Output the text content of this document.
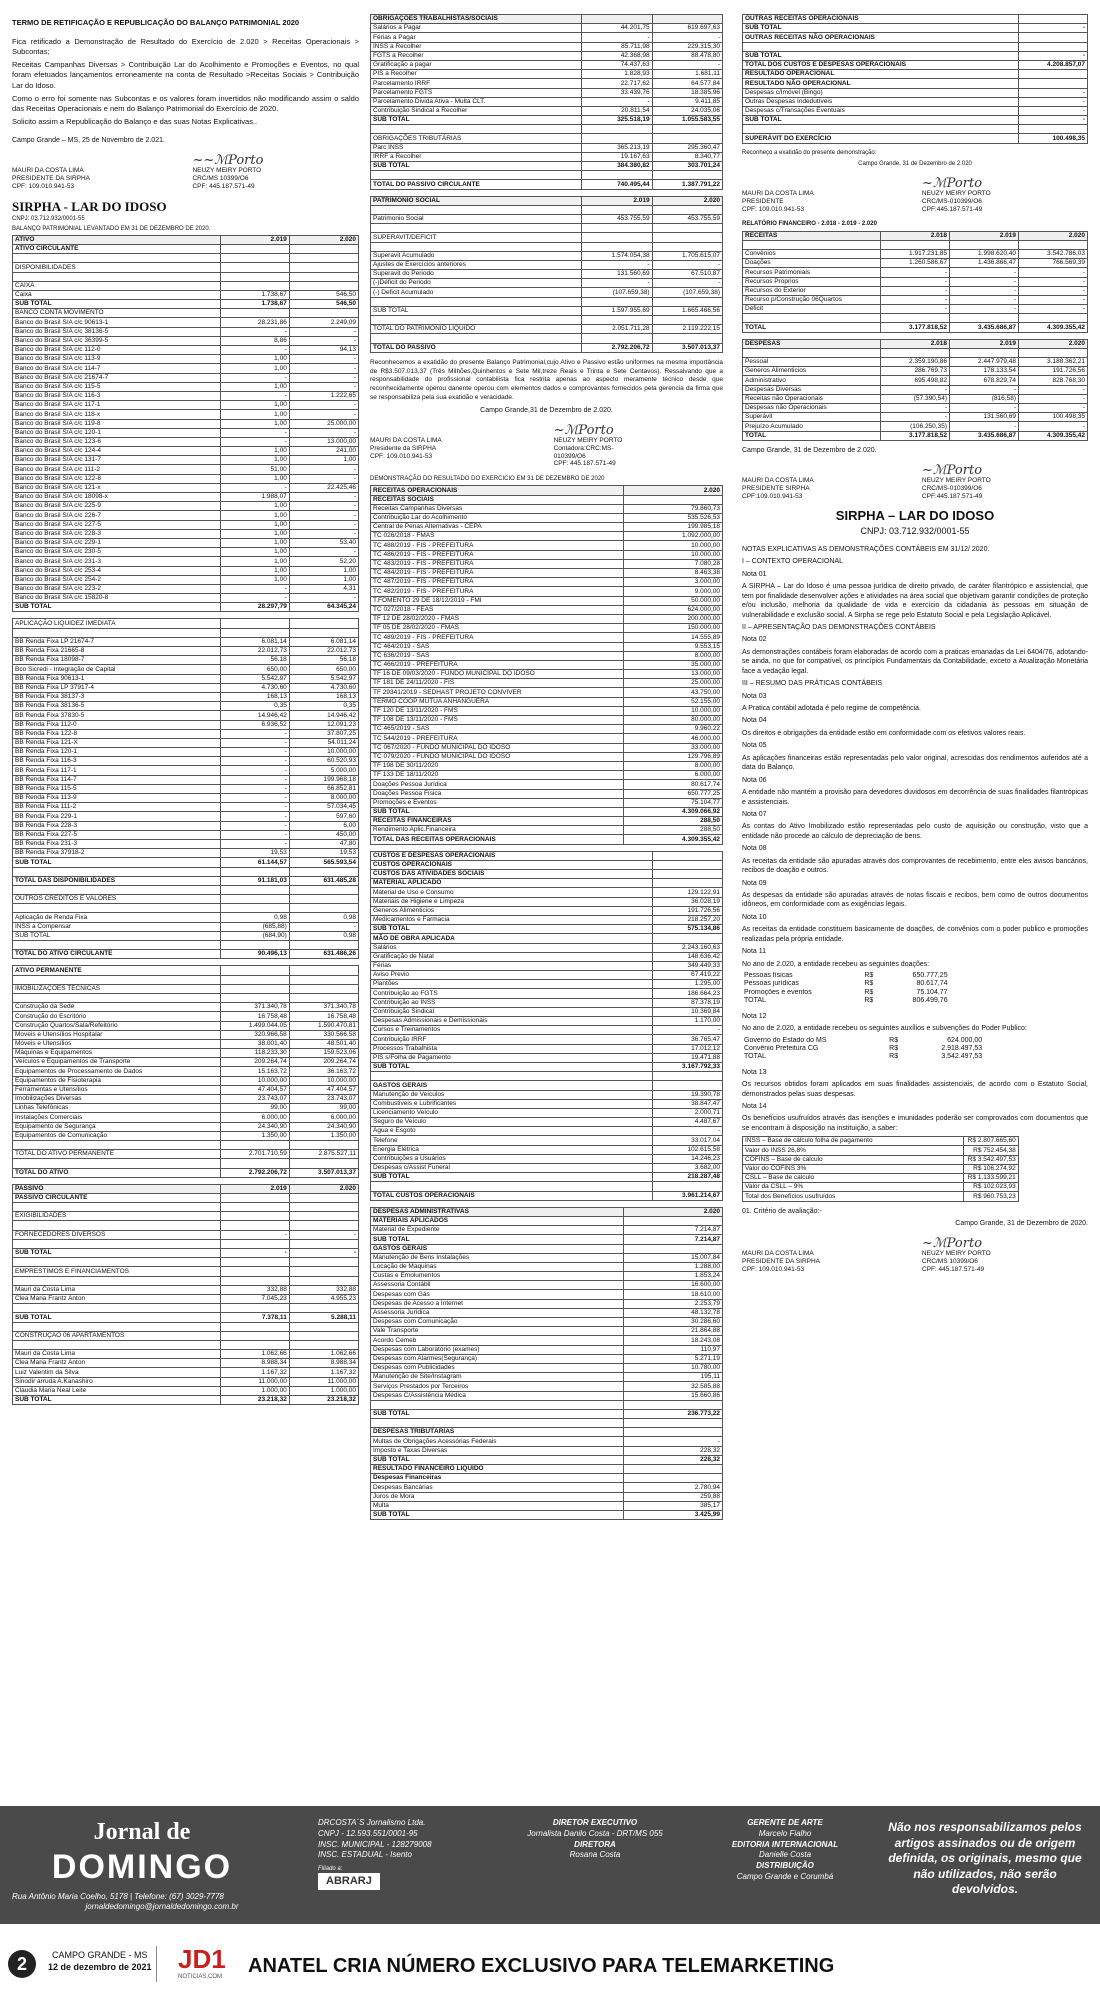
TERMO DE RETIFICAÇÃO E REPUBLICAÇÃO DO BALANÇO PATRIMONIAL 2020

Fica retificado a Demonstração de Resultado do Exercício de 2.020 > Receitas Operacionais > Subcontas;

Receitas Campanhas Diversas > Contribuição Lar do Acolhimento e Promoções e Eventos, no qual foram efetuados lançamentos erroneamente na conta de Resultado >Receitas Sociais > Contribuição Lar do Idoso.

Como o erro foi somente nas Subcontas e os valores foram invertidos não modificando assim o saldo das Receitas Operacionais e nem do Balanço Patrimonial do Exercício de 2020.

Solicito assim a Republicação do Balanço e das suas Notas Explicativas..

Campo Grande – MS, 25 de Novembro de 2.021.
MAURI DA COSTA LIMA
PRESIDENTE DA SIRPHA
CPF: 109.010.941-53
~~ℳPorto
NEUZY MEIRY PORTO
CRC/MS 10399/O6
CPF: 445.187.571-49
SIRPHA - LAR DO IDOSO
CNPJ: 03.712.932/0001-55
BALANÇO PATRIMONIAL LEVANTADO EM 31 DE DEZEMBRO DE 2020.
ATIVO	2.019	2.020
ATIVO CIRCULANTE		

DISPONIBILIDADES		

CAIXA		
Caixa	1.738,67	546,50
SUB TOTAL	1.738,67	546,50
BANCO CONTA MOVIMENTO		
Banco do Brasil S/A c/c 90613-1	28.231,86	2.249,09
Banco do Brasil S/A c/c 38136-5	-	-
Banco do Brasil S/A c/c 36399-5	8,86	-
Banco do Brasil S/A c/c 112-0	-	94,13
Banco do Brasil S/A c/c 113-9	1,00	-
Banco do Brasil S/A c/c 114-7	1,00	-
Banco do Brasil S/A c/c 21674-7	-	-
Banco do Brasil S/A c/c 115-5	1,00	-
Banco do Brasil S/A c/c 116-3	-	1.222,65
Banco do Brasil S/A c/c 117-1	1,00	-
Banco do Brasil S/A c/c 118-x	1,00	-
Banco do Brasil S/A c/c 119-8	1,00	25.000,00
Banco do Brasil S/A c/c 120-1	-	-
Banco do Brasil S/A c/c 123-6	-	13.000,00
Banco do Brasil S/A c/c 124-4	1,00	241,00
Banco do Brasil S/A c/c 131-7	1,00	1,00
Banco do Brasil S/A c/c 111-2	51,00	-
Banco do Brasil S/A c/c 122-8	1,00	-
Banco do Brasil S/A c/c 121-x	-	22.425,46
Banco do Brasil S/A c/c 18098-x	1.988,07	-
Banco do Brasil S/A c/c 225-9	1,00	-
Banco do Brasil S/A c/c 226-7	1,00	-
Banco do Brasil S/A c/c 227-5	1,00	-
Banco do Brasil S/A c/c 228-3	1,00	-
Banco do Brasil S/A c/c 229-1	1,00	53,40
Banco do Brasil S/A c/c 230-5	1,00	-
Banco do Brasil S/A c/c 231-3	1,00	52,20
Banco do Brasil S/A c/c 253-4	1,00	1,00
Banco do Brasil S/A c/c 254-2	1,00	1,00
Banco do Brasil S/A c/c 223-2	-	4,31
Banco do Brasil S/A c/c 15820-8	-	-
SUB TOTAL	28.297,79	64.345,24
APLICAÇÃO LIQUIDEZ IMEDIATA		

BB Renda Fixa LP 21674-7	6.081,14	6.081,14
BB Renda Fixa 21665-8	22.012,73	22.012,73
BB Renda Fixa 18098-7	56,18	56,18
Bco Sicredi - Integração de Capital	650,00	650,00
BB Renda Fixa 90613-1	5.542,97	5.542,97
BB Renda Fixa LP 37917-4	4.730,60	4.730,60
BB Renda Fixa 38137-3	168,13	168,13
BB Renda Fixa 38136-5	0,35	0,35
BB Renda Fixa 37830-5	14.946,42	14.946,42
BB Renda Fixa 112-0	6.936,52	12.091,23
BB Renda Fixa 122-8	-	37.807,25
BB Renda Fixa 121-X	-	54.011,24
BB Renda Fixa 120-1	-	10.000,00
BB Renda Fixa 116-3	-	60.520,93
BB Renda Fixa 117-1	-	5.000,00
BB Renda Fixa 114-7	-	199.968,18
BB Renda Fixa 115-5	-	66.852,81
BB Renda Fixa 113-9	-	8.000,00
BB Renda Fixa 111-2	-	57.034,45
BB Renda Fixa 229-1	-	597,60
BB Renda Fixa 228-3	-	6,00
BB Renda Fixa 227-5	-	450,00
BB Renda Fixa 231-3	-	47,80
BB Renda Fixa 37918-2	19,53	19,53
SUB TOTAL	61.144,57	565.593,54

TOTAL DAS DISPONIBILIDADES	91.181,03	631.485,28

OUTROS CREDITOS E VALORES		

Aplicação de Renda Fixa	0,98	0,98
INSS a Compensar	(685,88)	-
SUB TOTAL	(684,90)	0,98

TOTAL DO ATIVO CIRCULANTE	90.496,13	631.486,26
ATIVO PERMANENTE		

IMOBILIZAÇÕES TÉCNICAS		

Construção da Sede	371.340,78	371.340,78
Construção do Escritório	16.758,48	16.758,48
Construção Quartos/Sala/Refeitório	1.499.044,05	1.590.470,81
Moveis e Utensílios Hospitalar	320.966,58	330.566,58
Móveis e Utensílios	38.001,40	48.501,40
Máquinas e Equipamentos	118.233,30	159.523,06
Veículos e Equipamentos de Transporte	209.264,74	209.264,74
Equipamentos de Processamento de Dados	15.163,72	36.163,72
Equipamentos de Fisioterapia	10.000,00	10.000,00
Ferramentas e Utensílios	47.404,57	47.404,57
Imobilizações Diversas	23.743,07	23.743,07
Linhas Telefônicas	99,00	99,00
Instalações Comerciais	6.000,00	6.000,00
Equipamento de Segurança	24.340,90	24.340,90
Equipamentos de Comunicação	1.350,00	1.350,00

TOTAL DO ATIVO PERMANENTE	2.701.710,59	2.875.527,11

TOTAL DO ATIVO	2.792.206,72	3.507.013,37
PASSIVO	2.019	2.020
PASSIVO CIRCULANTE		

EXIGIBILIDADES		

FORNECEDORES DIVERSOS	-	-

SUB TOTAL	-	-

EMPRESTIMOS E FINANCIAMENTOS		

Mauri da Costa Lima	332,88	332,88
Clea Maria Frantz Anton	7.045,23	4.955,23

SUB TOTAL	7.378,11	5.288,11

CONSTRUÇÃO 06 APARTAMENTOS		

Mauri da Costa Lima	1.062,66	1.062,66
Clea Maria Frantz Anton	8.988,34	8.988,34
Luiz Valentim da Silva	1.167,32	1.167,32
Sinodir arruda A.Kanashiro	11.000,00	11.000,00
Claudia Maria Neal Leite	1.000,00	1.000,00
SUB TOTAL	23.218,32	23.218,32
OBRIGAÇÕES TRABALHISTAS/SOCIAIS		
Salários a Pagar	44.201,75	619.697,63
Férias a Pagar	-	-
INSS a Recolher	85.711,98	229.315,30
FGTS a Recolher	42.368,98	88.478,80
Gratificação a pagar	74.437,63	-
PIS a Recolher	1.828,93	1.681,11
Parcelamento IRRF	22.717,62	64.577,84
Parcelamento FGTS	33.439,76	18.385,96
Parcelamento Divida Ativa - Multa CLT.	-	9.411,85
Contribuição Sindical a Recolher	20.811,54	24.035,06
SUB TOTAL	325.518,19	1.055.583,55

OBRIGAÇÕES TRIBUTÁRIAS		
Parc INSS	365.213,19	295.360,47
IRRF a Recolher	19.167,63	8.340,77
SUB TOTAL	384.380,82	303.701,24

TOTAL DO PASSIVO CIRCULANTE	740.495,44	1.387.791,22
PATRIMONIO SOCIAL	2.019	2.020

Patrimonio Social	453.755,59	453.755,59

SUPERAVIT/DEFICIT		

Superavit Acumulado	1.574.054,38	1.705.615,07
Ajustes de Exercícios anteriores	-	-
Superavit do Periodo	131.560,69	67.510,87
(-)Déficit do Periodo	-	-
(-) Deficit Acumulado	(107.659,38)	(107.659,38)

SUB TOTAL	1.597.955,69	1.665.466,56

TOTAL DO PATRIMONIO LIQUIDO	2.051.711,28	2.119.222,15

TOTAL DO PASSIVO	2.792.206,72	3.507.013,37

Reconhecemos a exatidão do presente Balanço Patrimonial,cujo Ativo e Passivo estão uniformes na mesma importância de R$3.507.013,37 (Três Milhões,Quinhentos e Sete Mil,treze Reais e Trinta e Sete Centavos). Ressalvando que a responsabilidade do profissional contabilista fica restrita apenas ao aspecto meramente técnico desde que reconhecidamente operou danente operou com elementos dados e comprovantes fornecidos pela gerencia da firma que se responsabiliza pela sua exatidão e veracidade.

Campo Grande,31 de Dezembro de 2.020.
MAURI DA COSTA LIMA
Presidente da SIRPHA
CPF: 109.010.941-53
~ℳPorto
NEUZY MEIRY PORTO
Contadora:CRC:MS-010399/O6
CPF: 445.187.571-49
DEMONSTRAÇÃO DO RESULTADO DO EXERCICIO EM 31 DE DEZEMBRO DE 2020
RECEITAS OPERACIONAIS	2.020
RECEITAS SOCIAIS	
Receitas Campanhas Diversas	79.860,73
Contribuição Lar do Acolhimento	535.526,53
Central de Penas Alternativas - CEPA	199.985,18
TC 026/2018 - FMAS	1.092.000,00
TC 488/2019 - FIS - PREFEITURA	10.000,00
TC 486/2019 - FIS - PREFEITURA	10.000,00
TC 483/2019 - FIS - PREFEITURA	7.080,28
TC 484/2019 - FIS - PREFEITURA	8.463,38
TC 487/2019 - FIS - PREFEITURA	3.000,00
TC 482/2019 - FIS - PREFEITURA	9.000,00
T.FOMENTO 29 DE 18/12/2019 - FMI	50.000,00
TC 027/2018 - FEAS	624.000,00
TF 12 DE 28/02/2020 - FMAS	200.000,00
TF 05 DE 28/02/2020 - FMAS	150.000,00
TC 489/2019 - FIS - PREFEITURA	14.555,89
TC 464/2019 - SAS	9.553,15
TC 636/2019 - SAS	8.000,00
TC 466/2019 - PREFEITURA	35.000,00
TF 16 DE 09/03/2020 - FUNDO MUNICIPAL DO IDOSO	13.000,00
TF 181 DE 24/11/2020 - FIS	25.000,00
TF 29341/2019 - SEDHAST PROJETO CONVIVER	43.750,00
TERMO COOP MUTUA ANHANGUERA	52.155,00
TF 120 DE 13/11/2020 - FMS	10.000,00
TF 108 DE 13/11/2020 - FMS	80.000,00
TC 465/2019 - SAS	9.960,22
TC 544/2019 - PREFEITURA	46.000,00
TC 067/2020 - FUNDO MUNICIPAL DO IDOSO	33.000,00
TC 079/2020 - FUNDO MUNICIPAL DO IDOSO	129.796,89
TF 198 DE 30/11/2020	8.000,00
TF 133 DE 18/11/2020	6.000,00
Doações Pessoa Jurídica	80.617,74
Doações Pessoa Física	650.777,25
Promoções e Eventos	75.104,77
SUB TOTAL	4.309.066,92
RECEITAS FINANCEIRAS	288,50
Rendimento Aplic.Financeira	288,50
TOTAL DAS RECEITAS OPERACIONAIS	4.309.355,42
CUSTOS E DESPESAS OPERACIONAIS	
CUSTOS OPERACIONAIS	
CUSTOS DAS ATIVIDADES SOCIAIS	
MATERIAL APLICADO	
Material de Uso e Consumo	129.122,91
Materiais de Higiene e Limpeza	36.028,19
Generos Alimenticios	191.726,56
Medicamentos e Farmacia	218.257,20
SUB TOTAL	575.134,86
MÃO DE OBRA APLICADA	
Salários	2.243.160,63
Gratificação de Natal	148.636,42
Férias	349.449,33
Aviso Previo	67.419,22
Plantões	1.295,00
Contribuição ao FGTS	186.664,23
Contribuição ao INSS	87.378,19
Contribuição Sindical	10.369,84
Despesas Admissionais e Demissionais	1.170,00
Cursos e Treinamentos	-
Contribuição IRRF	36.765,47
Processos Trabalhista	17.012,12
PIS s/Folha de Pagamento	19.471,88
SUB TOTAL	3.167.792,33

GASTOS GERAIS	
Manutenção de Veículos	19.390,78
Combustiveis e Lubrificantes	38.847,47
Licenciamento Veículo	2.000,71
Seguro de Veículo	4.487,67
Água e Esgoto	-
Telefone	33.017,04
Energia Elétrica	102.615,58
Contribuições a Usuários	14.246,23
Despesas c/Assist Funeral	3.682,00
SUB TOTAL	218.287,48

TOTAL CUSTOS OPERACIONAIS	3.961.214,67
DESPESAS ADMINISTRATIVAS	2.020
MATERIAIS APLICADOS	
Material de Expediente	7.214,87
SUB TOTAL	7.214,87
GASTOS GERAIS	
Manutenção de Bens Instalações	15.007,84
Locação de Maquinas	1.288,00
Custas e Emolumentos	1.853,24
Assessoria Contábil	16.600,00
Despesas com Gás	18.610,00
Despesas de Acesso a Internet	2.253,79
Assessoria Jurídica	48.132,78
Despesas com Comunicação	30.286,60
Vale Transporte	21.864,88
Acordo Cemeb	18.243,08
Despesas com Laboratório (exames)	110,97
Despesas com Alarmes(Segurança)	5.271,19
Despesas com Publicidades	10.780,00
Manutenção de Site/Instagram	195,11
Serviços Prestados por Terceiros	32.585,88
Despesas C/Assistência Médica	15.660,86

SUB TOTAL	236.773,22

DESPESAS TRIBUTÁRIAS	
Multas de Obrigações Acessórias Federais	-
Imposto e Taxas Diversas	228,32
SUB TOTAL	228,32
RESULTADO FINANCEIRO LIQUIDO	
Despesas Financeiras	
Despesas Bancárias	2.780,94
Juros de Mora	259,88
Multa	385,17
SUB TOTAL	3.425,99
OUTRAS RECEITAS OPERACIONAIS	
SUB TOTAL	-
OUTRAS RECEITAS NÃO OPERACIONAIS	

SUB TOTAL	-
TOTAL DOS CUSTOS E DESPESAS OPERACIONAIS	4.208.857,07
RESULTADO OPERACIONAL	
RESULTADO NÃO OPERACIONAL	
Despesas c/Imóvel (Bingo)	-
Outras Despesas Indedutíveis	-
Despesas c/Transações Eventuais	-
SUB TOTAL	-

SUPERÁVIT DO EXERCÍCIO	100.498,35
Reconheço a exatidão do presente demonstração:
Campo Grande, 31 de Dezembro de 2.020
MAURI DA COSTA LIMA
PRESIDENTE
CPF: 109.010.941-53
~ℳPorto
NEUZY MEIRY PORTO
CRC/MS-010399/O6
CPF:445.187.571-49
RELATÓRIO FINANCEIRO - 2.018 - 2.019 - 2.020
RECEITAS	2.018	2.019	2.020

Convênios	1.917.231,85	1.998.620,40	3.542.786,03
Doações	1.260.586,67	1.436.866,47	766.569,39
Recursos Patrimoniais	-	-	-
Recursos Proprios	-	-	-
Recursos do Exterior	-	-	-
Recurso p/Construção 06Quartos	-	-	-
Déficit	-	-	-

TOTAL	3.177.818,52	3.435.686,87	4.309.355,42
DESPESAS	2.018	2.019	2.020

Pessoal	2.359.190,86	2.447.979,48	3.188.362,21
Generos Alimenticios	286.769,73	178.133,54	191.726,56
Administrativo	695.498,82	678.829,74	828.768,30
Despesas Diversas	-	-	-
Receitas não Operacionais	(57.390,54)	(816,58)	-
Despesas não Operacionais	-	-	-
Superávit	-	131.560,69	100.498,35
Prejuízo Acumulado	(106.250,35)	-	-
TOTAL	3.177.818,52	3.435.686,87	4.309.355,42
Campo Grande, 31 de Dezembro de 2.020.
MAURI DA COSTA LIMA
PRESIDENTE SIRPHA
CPF:109.010.941-53
~ℳPorto
NEUZY MEIRY PORTO
CRC/MS-010399/O6
CPF:445.187.571-49
SIRPHA – LAR DO IDOSO
CNPJ: 03.712.932/0001-55

NOTAS EXPLICATIVAS AS DEMONSTRAÇÕES CONTÁBEIS EM 31/12/ 2020.

I – CONTEXTO OPERACIONAL

Nota 01

A SIRPHA – Lar do Idoso é uma pessoa jurídica de direito privado, de caráter filantrópico e assistencial, que tem por finalidade desenvolver ações e atividades na área social que objetivam garantir condições de proteção e/ou inclusão, melhoria da qualidade de vida e exercício da cidadania às pessoas em situação de vulnerabilidade e exclusão social. A Sirpha se rege pelo Estatuto Social e pela Legislação Aplicável.

II – APRESENTAÇÃO DAS DEMONSTRAÇÕES CONTÁBEIS

Nota 02

As demonstrações contábeis foram elaboradas de acordo com a praticas emanadas da Lei 6404/76, adotando-se ainda, no que for compatível, os princípios Fundamentais da Contabilidade, exceto a Atualização Monetária face a vedação legal.

III – RESUMO DAS PRÁTICAS CONTÁBEIS

Nota 03

A Pratica contábil adotada é pelo regime de competência.

Nota 04

Os direitos e obrigações da entidade estão em conformidade com os efetivos valores reais.

Nota 05

As aplicações financeiras estão representadas pelo valor original, acrescidas dos rendimentos auferidos até a data do Balanço.

Nota 06

A entidade não mantém a provisão para devedores duvidosos em decorrência de suas finalidades filantrópicas e assistenciais.

Nota 07

As contas do Ativo Imobilizado estão representadas pelo custo de aquisição ou construção, visto que a entidade não procede ao cálculo de depreciação de bens.

Nota 08

As receitas da entidade são apuradas através dos comprovantes de recebimento, entre eles avisos bancários, recibos de doação e outros.

Nota 09

As despesas da entidade são apuradas através de notas fiscais e recibos, bem como de outros documentos idôneos, em conformidade com as exigências legais.

Nota 10

As receitas da entidade constituem basicamente de doações, de convênios com o poder publico e promoções realizadas pela própria entidade.

Nota 11

No ano de 2.020, a entidade recebeu as seguintes doações:

Pessoas físicas	R$	650.777,25
Pessoas jurídicas	R$	80.617,74
Promoções e eventos	R$	75.104,77
TOTAL	R$	806.499,76

Nota 12

No ano de 2.020, a entidade recebeu os seguintes auxílios e subvenções do Poder Publico:

Governo do Estado do MS	R$	624.000,00
Convênio Prefeitura CG	R$	2.918.497,53
TOTAL	R$	3.542.497,53

Nota 13

Os recursos obtidos foram aplicados em suas finalidades assistenciais, de acordo com o Estatuto Social, demonstrados pelas suas despesas.

Nota 14

Os benefícios usufruídos através das isenções e imunidades poderão ser comprovados com documentos que se encontram à disposição na instituição, a saber:

INSS – Base de cálculo folha de pagamento	R$ 2.807.665,60
Valor do INSS 26,8%	R$ 752.454,38
COFINS – Base de calculo	R$ 3.542.497,53
Valor do COFINS 3%	R$ 106.274,92
CSLL – Base de calculo	R$ 1.133.599,21
Valor da CSLL – 9%	R$ 102.023,93
Total dos Benefícios usufruídos	R$ 960.753,23
01. Critério de avaliação:-
Campo Grande, 31 de Dezembro de 2020.
MAURI DA COSTA LIMA
PRESIDENTE DA SIRPHA
CPF: 109.010.941-53
~ℳPorto
NEUZY MEIRY PORTO
CRC/MS 10399/O6
CPF: 445.187.571-49
Jornal de
DOMINGO
Rua Antônio Maria Coelho, 5178 | Telefone: (67) 3029-7778
jornaldedomingo@jornaldedomingo.com.br
DRCOSTA´S Jornalismo Ltda.
CNPJ - 12.593.551/0001-95
INSC. MUNICIPAL - 128279008
INSC. ESTADUAL - Isento
Filiado a:
ABRARJ
DIRETOR EXECUTIVO
Jornalista Danilo Costa - DRT/MS 055
DIRETORA
Rosana Costa
GERENTE DE ARTE
Marcelo Fialho
EDITORIA INTERNACIONAL
Danielle Costa
DISTRIBUIÇÃO
Campo Grande e Corumbá
Não nos responsabilizamos pelos artigos assinados ou de origem definida, os originais, mesmo que não utilizados, não serão devolvidos.
2	CAMPO GRANDE - MS
12 de dezembro de 2021 JD1
NOTICIAS.COM ANATEL CRIA NÚMERO EXCLUSIVO PARA TELEMARKETING
